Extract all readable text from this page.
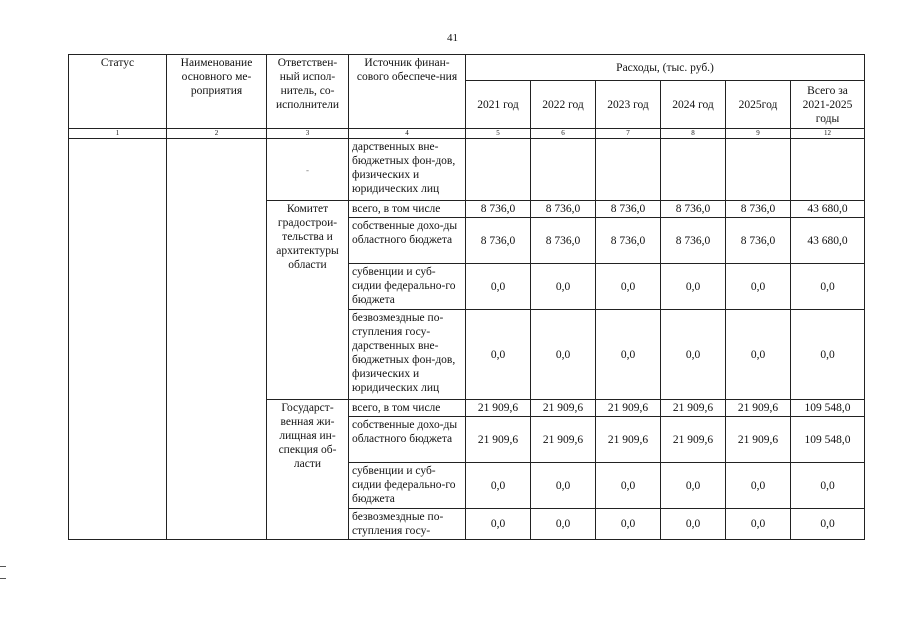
41
Статус	Наименование основного ме-роприятия	Ответствен-ный испол-нитель, со-исполнители	Источник финан-сового обеспече-ния	Расходы, (тыс. руб.)					
				2021 год	2022 год	2023 год	2024 год	2025год	Всего за 2021-2025 годы
1	2	3	4	5	6	7	8	9	12
		-	дарственных вне-бюджетных фон-дов, физических и юридических лиц						
		Комитет градострои-тельства и архитектуры области	всего, в том числе	8 736,0	8 736,0	8 736,0	8 736,0	8 736,0	43 680,0
			собственные дохо-ды областного бюджета	8 736,0	8 736,0	8 736,0	8 736,0	8 736,0	43 680,0
			субвенции и суб-сидии федерально-го бюджета	0,0	0,0	0,0	0,0	0,0	0,0
			безвозмездные по-ступления госу-дарственных вне-бюджетных фон-дов, физических и юридических лиц	0,0	0,0	0,0	0,0	0,0	0,0
		Государст-венная жи-лищная ин-спекция об-ласти	всего, в том числе	21 909,6	21 909,6	21 909,6	21 909,6	21 909,6	109 548,0
			собственные дохо-ды областного бюджета	21 909,6	21 909,6	21 909,6	21 909,6	21 909,6	109 548,0
			субвенции и суб-сидии федерально-го бюджета	0,0	0,0	0,0	0,0	0,0	0,0
			безвозмездные по-ступления госу-	0,0	0,0	0,0	0,0	0,0	0,0
